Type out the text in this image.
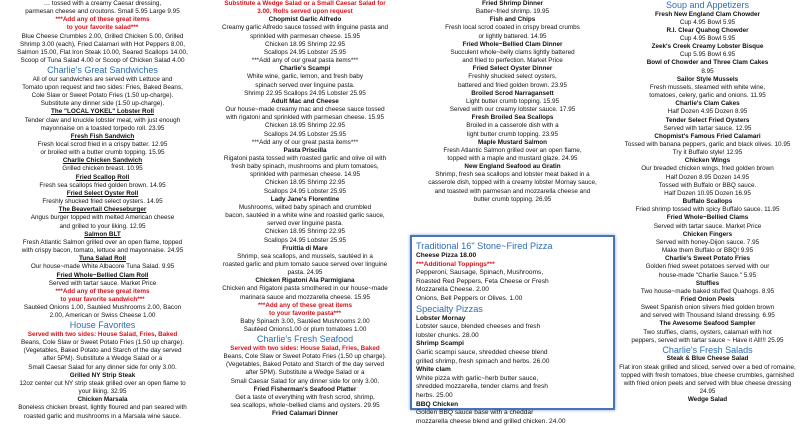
… tossed with a creamy Caesar dressing,
parmesan cheese and croutons. Small 5.95 Large 9.95
***Add any of these great items
to your favorite salad***
Blue Cheese Crumbles 2.00, Grilled Chicken 5.00, Grilled
Shrimp 3.00 (each), Fried Calamari with Hot Peppers 8.00,
Salmon 15.00, Flat Iron Steak 10.00, Seared Scallops 14.00,
Scoop of Tuna Salad 4.00 or Scoop of Chicken Salad 4.00
Charlie's Great Sandwiches
All of our sandwiches are served with Lettuce and
Tomato upon request and two sides: Fries, Baked Beans,
Cole Slaw or Sweet Potato Fries (1.50 up-charge).
Substitute any dinner side (1.50 up-charge).
The "LOCAL YOKEL" Lobster Roll
Tender claw and knuckle lobster meat, with just enough
mayonnaise on a toasted torpedo roll. 23.95
Fresh Fish Sandwich
Fresh local scrod fried in a crispy batter. 12.95
or broiled with a butter crumb topping. 15.95
Charlie Chicken Sandwich
Grilled chicken breast. 10.95
Fried Scallop Roll
Fresh sea scallops fried golden brown. 14.95
Fried Select Oyster Roll
Freshly shucked fried select oysters. 14.95
The Beavertail Cheeseburger
Angus burger topped with melted American cheese
and grilled to your liking. 12.95
Salmon BLT
Fresh Atlantic Salmon grilled over an open flame, topped
with crispy bacon, tomato, lettuce and mayonnaise. 24.95
Tuna Salad Roll
Our house~made White Albacore Tuna Salad. 9.95
Fried Whole~Bellied Clam Roll
Served with tartar sauce. Market Price
***Add any of these great items
to your favorite sandwich***
Sautéed Onions 1.00, Sautéed Mushrooms 2.00, Bacon
2.00, American or Swiss Cheese 1.00
House Favorites
Served with two sides: House Salad, Fries, Baked
Beans, Cole Slaw or Sweet Potato Fries (1.50 up charge).
(Vegetables, Baked Potato and Starch of the day served
after 5PM). Substitute a Wedge Salad or a
Small Caesar Salad for any dinner side for only 3.00.
Grilled NY Strip Steak
12oz center cut NY strip steak grilled over an open flame to
your liking. 32.95
Chicken Marsala
Boneless chicken breast, lightly floured and pan seared with
roasted garlic and mushrooms in a Marsala wine sauce.
Substitute a Wedge Salad or a Small Caesar Salad for
3.00. Rolls served upon request
Chopmist Garlic Alfredo
Creamy garlic Alfredo sauce tossed with linguine pasta and
sprinkled with parmesan cheese. 15.95
Chicken 18.95 Shrimp 22.95
Scallops 24.95 Lobster 25.95
***Add any of our great pasta items***
Charlie's Scampi
White wine, garlic, lemon, and fresh baby
spinach served over linguine pasta.
Shrimp 22.95 Scallops 24.95 Lobster 25.95
Adult Mac and Cheese
Our house~made creamy mac and cheese sauce tossed
with rigatoni and sprinkled with parmesan cheese. 15.95
Chicken 18.95 Shrimp 22.95
Scallops 24.95 Lobster 25.95
***Add any of our great pasta items***
Pasta Priscilla
Rigatoni pasta tossed with roasted garlic and olive oil with
fresh baby spinach, mushrooms and plum tomatoes,
sprinkled with parmesan cheese. 14.95
Chicken 18.95 Shrimp 22.95
Scallops 24.95 Lobster 25.95
Lady Jane's Florentine
Mushrooms, wilted baby spinach and crumbled
bacon, sautéed in a white wine and roasted garlic sauce,
served over linguine pasta.
Chicken 18.95 Shrimp 22.95
Scallops 24.95 Lobster 25.95
Fruittia di Mare
Shrimp, sea scallops, and mussels, sautéed in a
roasted garlic and plum tomato sauce served over linguine
pasta. 24.95
Chicken Rigatoni Ala Parmigiana
Chicken and Rigatoni pasta smothered in our house~made
marinara sauce and mozzarella cheese. 15.95
***Add any of these great items
to your favorite pasta***
Baby Spinach 3.00, Sautéed Mushrooms 2.00
Sautéed Onions1.00 or plum tomatoes 1.00
Charlie's Fresh Seafood
Served with two sides: House Salad, Fries, Baked
Beans, Cole Slaw or Sweet Potato Fries (1.50 up charge).
(Vegetables, Baked Potato and Starch of the day served
after 5PM). Substitute a Wedge Salad or a
Small Caesar Salad for any dinner side for only 3.00.
Fried Fisherman's Seafood Platter
Get a taste of everything with fresh scrod, shrimp,
sea scallops, whole~bellied clams and oysters. 29.95
Fried Calamari Dinner
Fried Shrimp Dinner
Batter~fried shrimp. 19.95
Fish and Chips
Fresh local scrod coated in crispy bread crumbs
or lightly battered. 14.95
Fried Whole~Bellied Clam Dinner
Succulent whole~belly clams lightly battered
and fried to perfection. Market Price
Fried Select Oyster Dinner
Freshly shucked select oysters,
battered and fried golden brown. 23.95
Broiled Scrod Narragansett
Light butter crumb topping. 15.95
Served with our creamy lobster sauce. 17.95
Fresh Broiled Sea Scallops
Broiled in a casserole dish with a
light butter crumb topping. 23.95
Maple Mustard Salmon
Fresh Atlantic Salmon grilled over an open flame,
topped with a maple and mustard glaze. 24.95
New England Seafood au Gratin
Shrimp, fresh sea scallops and lobster meat baked in a
casserole dish, topped with a creamy lobster Mornay sauce,
and toasted with parmesan and mozzarella cheese and
butter crumb topping. 26.95
Soup and Appetizers
Fresh New England Clam Chowder
Cup 4.95 Bowl 5.95
R.I. Clear Quahog Chowder
Cup 4.95 Bowl 5.95
Zeek's Creek Creamy Lobster Bisque
Cup 5.95 Bowl 6.95
Bowl of Chowder and Three Clam Cakes
8.95
Sailor Style Mussels
Fresh mussels, steamed with white wine,
tomatoes, celery, garlic and onions. 11.95
Charlie's Clam Cakes
Half Dozen 4.95 Dozen 8.95
Tender Select Fried Oysters
Served with tartar sauce. 12.95
Chopmist's Famous Fried Calamari
Tossed with banana peppers, garlic and black olives. 10.95
Try it Buffalo style! 12.95
Chicken Wings
Our breaded chicken wings, fried golden brown
Half Dozen 8.95 Dozen 14.95
Tossed with Buffalo or BBQ sauce.
Half Dozen 10.95 Dozen 16.95
Buffalo Scallops
Fried shrimp tossed with spicy Buffalo sauce. 11.95
Fried Whole~Bellied Clams
Served with tartar sauce. Market Price
Chicken Fingers
Served with honey-Dijon sauce. 7.95
Make them Buffalo or BBQ! 9.95
Charlie's Sweet Potato Fries
Golden fried sweet potatoes served with our
house-made "Charlie Sauce." 5.95
Stuffies
Two house~made baked stuffed Quahogs. 8.95
Fried Onion Peels
Sweet Spanish onion slivers fried golden brown
and served with Thousand Island dressing. 6.95
The Awesome Seafood Sampler
Two stuffies, clams, oysters, calamari with hot
peppers, served with tartar sauce ~ Have it All!!! 25.95
Charlie's Fresh Salads
Steak & Blue Cheese Salad
Flat iron steak grilled and sliced, served over a bed of romaine,
topped with fresh tomatoes, blue cheese crumbles, garnished
with fried onion peels and served with blue cheese dressing
24.95
Wedge Salad
Traditional 16" Stone~Fired Pizza
Cheese Pizza 18.00
***Additional Toppings***
Pepperoni, Sausage, Spinach, Mushrooms,
Roasted Red Peppers, Feta Cheese or Fresh
Mozzarella Cheese. 2.00
Onions, Bell Peppers or Olives. 1.00
Specialty Pizzas
Lobster Mornay
Lobster sauce, blended cheeses and fresh
lobster chunks. 28.00
Shrimp Scampi
Garlic scampi sauce, shredded cheese blend
grilled shrimp, fresh spinach and herbs. 26.00
White clam
White pizza with garlic~herb butter sauce,
shredded mozzarella, tender clams and fresh
herbs. 25.00
BBQ Chicken
Golden BBQ sauce base with a cheddar
mozzarella cheese blend and grilled chicken. 24.00
